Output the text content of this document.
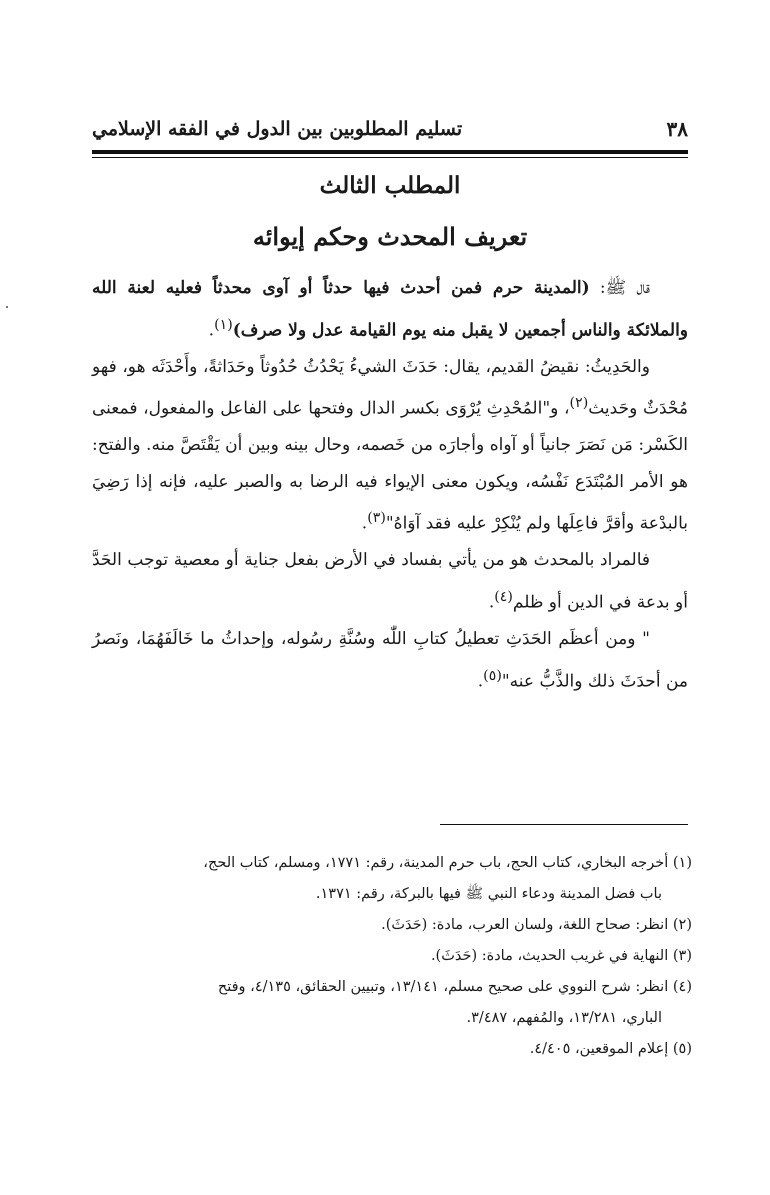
٣٨
تسليم المطلوبين بين الدول في الفقه الإسلامي
المطلب الثالث
تعريف المحدث وحكم إيوائه

قال ﷺ: (المدينة حرم فمن أحدث فيها حدثاً أو آوى محدثاً فعليه لعنة الله والملائكة والناس أجمعين لا يقبل منه يوم القيامة عدل ولا صرف)$^{(١)}$.

والحَدِيثُ: نقيضُ القديم، يقال: حَدَثَ الشيءُ يَحْدُثُ حُدُوثاً وحَدَاثةً، وأَحْدَثَه هو، فهو مُحْدَثٌ وحَديث$^{(٢)}$، و"المُحْدِثِ يُرْوَى بكسر الدال وفتحها على الفاعل والمفعول، فمعنى الكَسْر: مَن نَصَرَ جانياً أو آواه وأجارَه من خَصمه، وحال بينه وبين أن يَقْتَصَّ منه. والفتح: هو الأمر المُبْتَدَع نَفْسُه، ويكون معنى الإيواء فيه الرضا به والصبر عليه، فإنه إذا رَضِيَ بالبدْعة وأقرَّ فاعِلَها ولم يُنْكِرْ عليه فقد آوَاهُ"$^{(٣)}$.

فالمراد بالمحدث هو من يأتي بفساد في الأرض بفعل جناية أو معصية توجب الحَدَّ أو بدعة في الدين أو ظلم$^{(٤)}$.

" ومن أعظَم الحَدَثِ تعطيلُ كتابِ اللّٰه وسُنَّةِ رسُوله، وإحداثُ ما خَالَفَهُمَا، ونَصرُ من أحدَثَ ذلك والذَّبُّ عنه"$^{(٥)}$.

(١) أخرجه البخاري، كتاب الحج، باب حرم المدينة، رقم: ١٧٧١، ومسلم، كتاب الحج،

باب فضل المدينة ودعاء النبي ﷺ فيها بالبركة، رقم: ١٣٧١.

(٢) انظر: صحاح اللغة، ولسان العرب، مادة: (حَدَثَ).

(٣) النهاية في غريب الحديث، مادة: (حَدَثَ).

(٤) انظر: شرح النووي على صحيح مسلم، ١٣/١٤١، وتبيين الحقائق، ٤/١٣٥، وفتح

الباري، ١٣/٢٨١، والمُفهم، ٣/٤٨٧.

(٥) إعلام الموقعين، ٤/٤٠٥.
